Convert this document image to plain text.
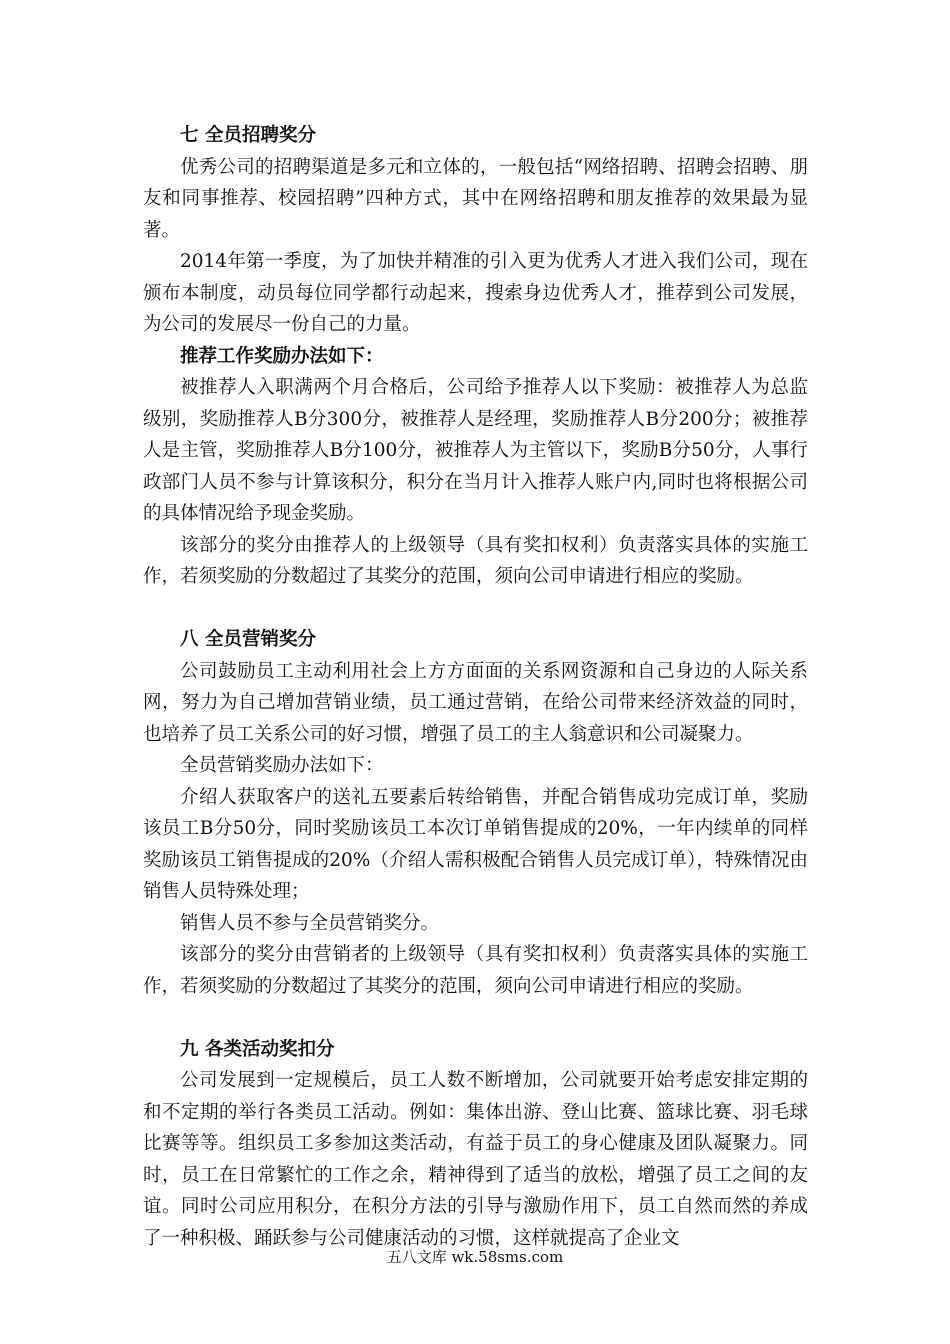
七 全员招聘奖分

优秀公司的招聘渠道是多元和立体的，一般包括“网络招聘、招聘会招聘、朋友和同事推荐、校园招聘”四种方式，其中在网络招聘和朋友推荐的效果最为显著。

2014年第一季度，为了加快并精准的引入更为优秀人才进入我们公司，现在颁布本制度，动员每位同学都行动起来，搜索身边优秀人才，推荐到公司发展，为公司的发展尽一份自己的力量。

推荐工作奖励办法如下：

被推荐人入职满两个月合格后，公司给予推荐人以下奖励：被推荐人为总监级别，奖励推荐人B分300分，被推荐人是经理，奖励推荐人B分200分；被推荐人是主管，奖励推荐人B分100分，被推荐人为主管以下，奖励B分50分，人事行政部门人员不参与计算该积分，积分在当月计入推荐人账户内,同时也将根据公司的具体情况给予现金奖励。

该部分的奖分由推荐人的上级领导（具有奖扣权利）负责落实具体的实施工作，若须奖励的分数超过了其奖分的范围，须向公司申请进行相应的奖励。

八 全员营销奖分

公司鼓励员工主动利用社会上方方面面的关系网资源和自己身边的人际关系网，努力为自己增加营销业绩，员工通过营销，在给公司带来经济效益的同时，也培养了员工关系公司的好习惯，增强了员工的主人翁意识和公司凝聚力。

全员营销奖励办法如下：

介绍人获取客户的送礼五要素后转给销售，并配合销售成功完成订单，奖励该员工B分50分，同时奖励该员工本次订单销售提成的20%，一年内续单的同样奖励该员工销售提成的20%（介绍人需积极配合销售人员完成订单），特殊情况由销售人员特殊处理；

销售人员不参与全员营销奖分。

该部分的奖分由营销者的上级领导（具有奖扣权利）负责落实具体的实施工作，若须奖励的分数超过了其奖分的范围，须向公司申请进行相应的奖励。

九 各类活动奖扣分

公司发展到一定规模后，员工人数不断增加，公司就要开始考虑安排定期的和不定期的举行各类员工活动。例如：集体出游、登山比赛、篮球比赛、羽毛球比赛等等。组织员工多参加这类活动，有益于员工的身心健康及团队凝聚力。同时，员工在日常繁忙的工作之余，精神得到了适当的放松，增强了员工之间的友谊。同时公司应用积分，在积分方法的引导与激励作用下，员工自然而然的养成了一种积极、踊跃参与公司健康活动的习惯，这样就提高了企业文

五八文库 wk.58sms.com
